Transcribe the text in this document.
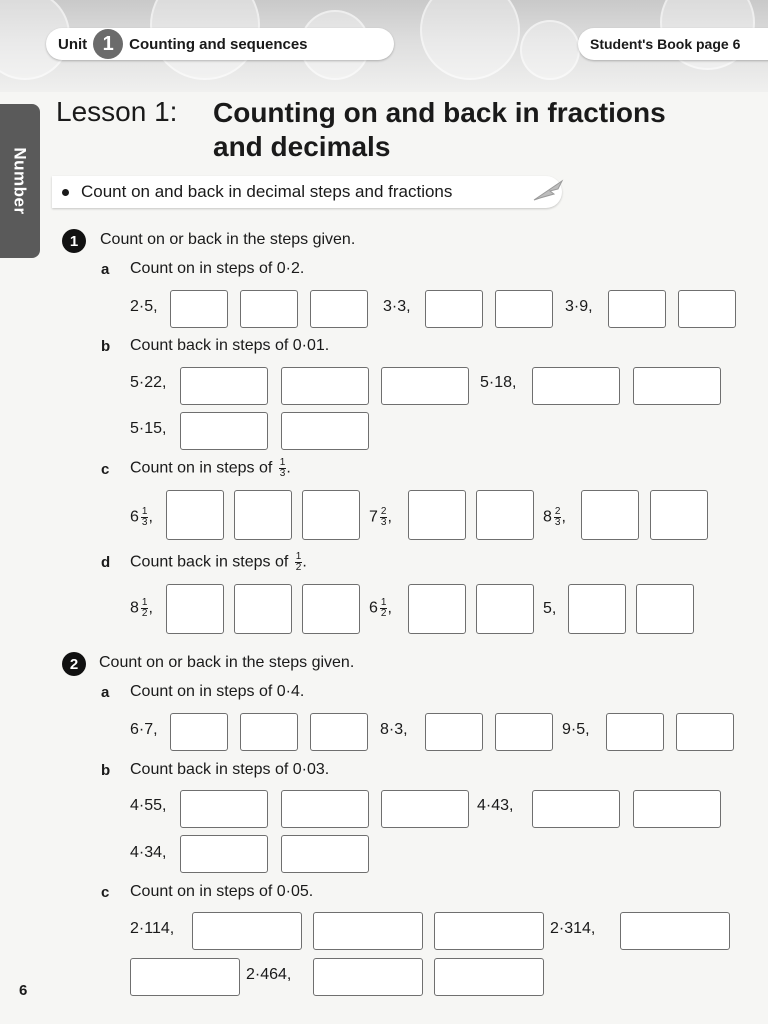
Unit 1	Counting and sequences	Student's Book page 6
Number
Lesson 1: Counting on and back in fractions
and decimals
Count on and back in decimal steps and fractions
1	Count on or back in the steps given.
a Count on in steps of 0·2.
2·5,	3·3,	3·9,
b Count back in steps of 0·01.
5·22,	5·18,
5·15,
c Count on in steps of $\frac{1}{3}$ .
$6 \frac{1}{3}$ ,	$7 \frac{2}{3}$ ,	$8 \frac{2}{3}$ ,
d Count back in steps of $\frac{1}{2}$ .
$8 \frac{1}{2}$ ,	$6 \frac{1}{2}$ ,	5,
2	Count on or back in the steps given.
a Count on in steps of 0·4.
6·7,	8·3,	9·5,
b Count back in steps of 0·03.
4·55,	4·43,
4·34,
c Count on in steps of 0·05.
2·114,	2·314,
2·464,
6
